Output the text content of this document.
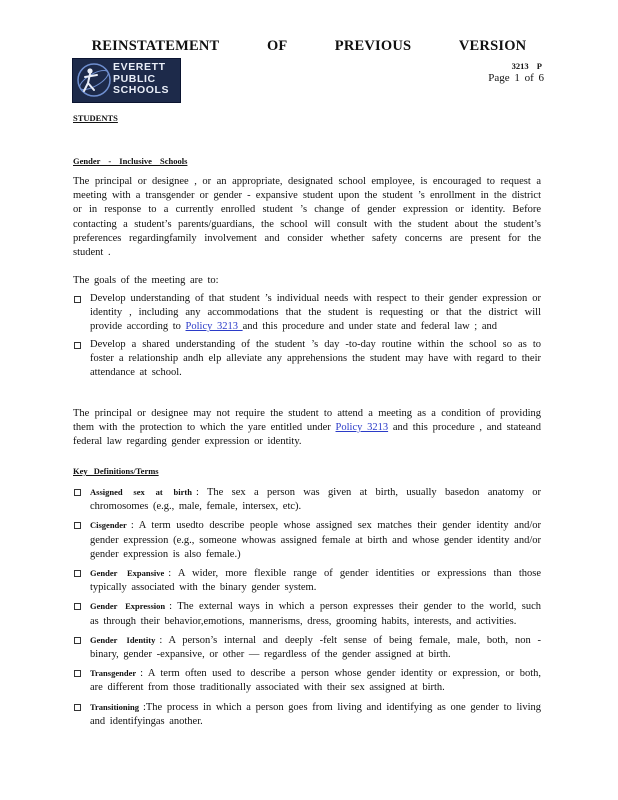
REINSTATEMENT OF PREVIOUS VERSION
EVERETT PUBLIC SCHOOLS
3213 P
Page 1 of 6
STUDENTS
Gender - Inclusive Schools

The principal or designee , or an appropriate, designated school employee, is encouraged to request a meeting with a transgender or gender - expansive student upon the student ’s enrollment in the district or in response to a currently enrolled student ’s change of gender expression or identity. Before contacting a student’s parents/guardians, the school will consult with the student about the student’s preferences regardingfamily involvement and consider whether safety concerns are present for the student .

The goals of the meeting are to:

Develop understanding of that student ’s individual needs with respect to their gender expression or identity , including any accommodations that the student is requesting or that the district will provide according to Policy 3213 and this procedure and under state and federal law ; and
Develop a shared understanding of the student ’s day -to-day routine within the school so as to foster a relationship andh elp alleviate any apprehensions the student may have with regard to their attendance at school.

The principal or designee may not require the student to attend a meeting as a condition of providing them with the protection to which the yare entitled under Policy 3213 and this procedure , and stateand federal law regarding gender expression or identity.

Key Definitions/Terms
Assigned sex at birth : The sex a person was given at birth, usually basedon anatomy or chromosomes (e.g., male, female, intersex, etc).
Cisgender : A term usedto describe people whose assigned sex matches their gender identity and/or gender expression (e.g., someone whowas assigned female at birth and whose gender identity and/or gender expression is also female.)
Gender Expansive : A wider, more flexible range of gender identities or expressions than those typically associated with the binary gender system.
Gender Expression : The external ways in which a person expresses their gender to the world, such as through their behavior,emotions, mannerisms, dress, grooming habits, interests, and activities.
Gender Identity : A person’s internal and deeply -felt sense of being female, male, both, non - binary, gender -expansive, or other — regardless of the gender assigned at birth.
Transgender : A term often used to describe a person whose gender identity or expression, or both, are different from those traditionally associated with their sex assigned at birth.
Transitioning :The process in which a person goes from living and identifying as one gender to living and identifyingas another.
